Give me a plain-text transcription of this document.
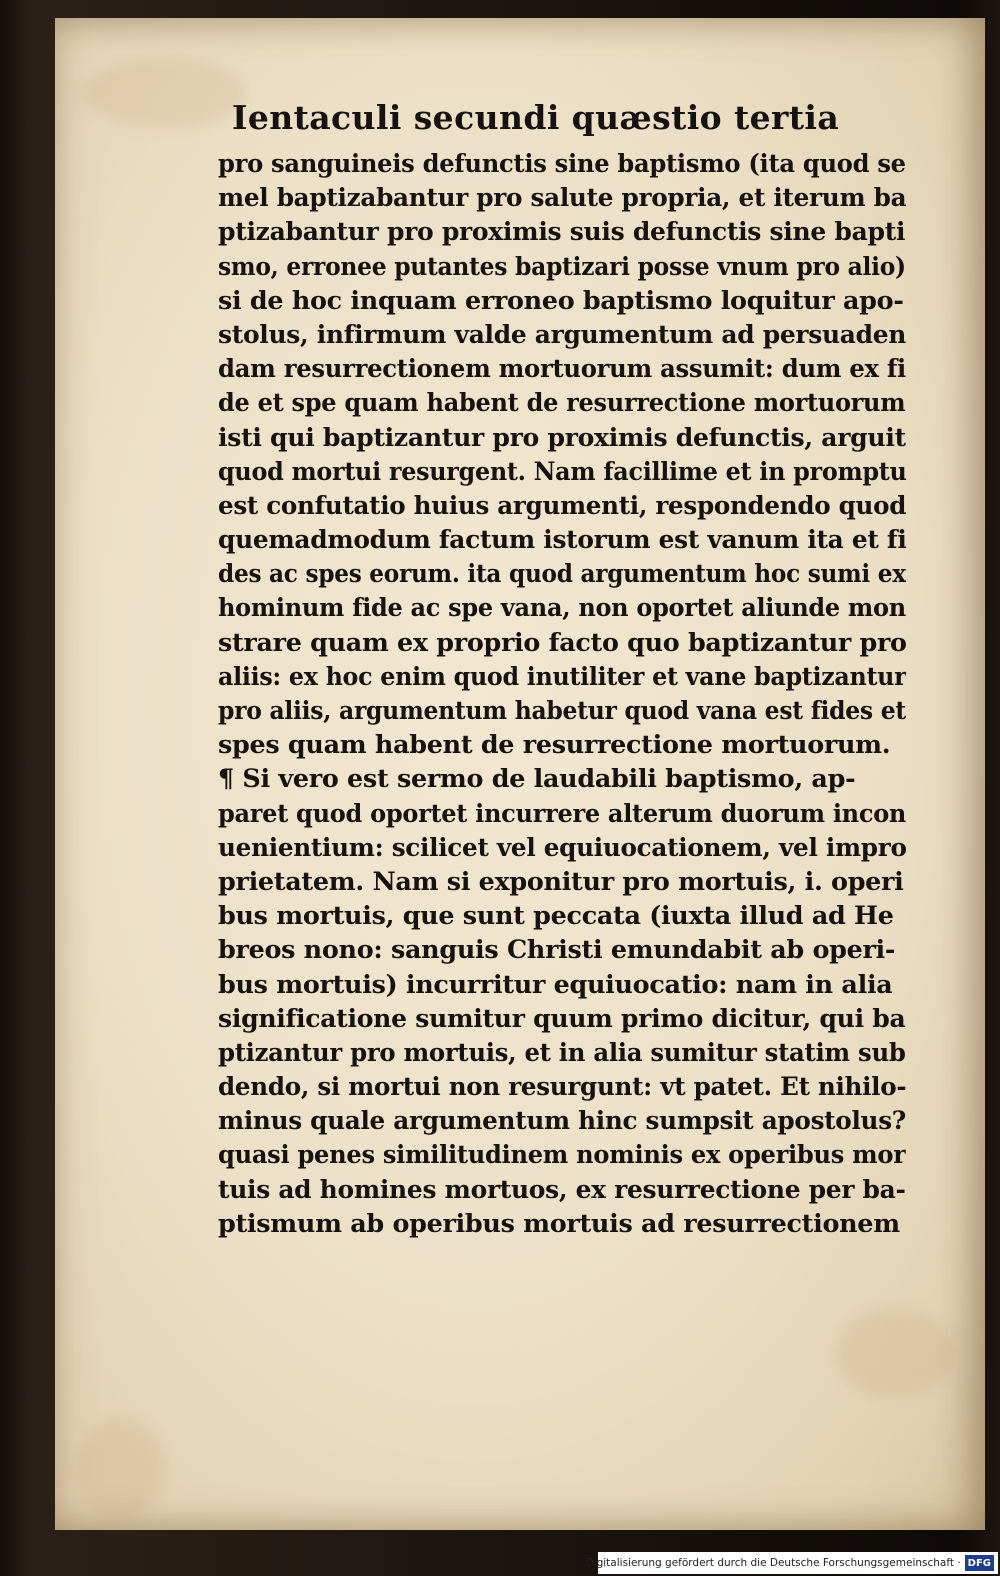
Ientaculi secundi quæstio tertia
pro sanguineis defunctis sine baptismo (ita quod se
mel baptizabantur pro salute propria, et iterum ba
ptizabantur pro proximis suis defunctis sine bapti
smo, erronee putantes baptizari posse vnum pro alio)
si de hoc inquam erroneo baptismo loquitur apo-
stolus, infirmum valde argumentum ad persuaden
dam resurrectionem mortuorum assumit: dum ex fi
de et spe quam habent de resurrectione mortuorum
isti qui baptizantur pro proximis defunctis, arguit
quod mortui resurgent. Nam facillime et in promptu
est confutatio huius argumenti, respondendo quod
quemadmodum factum istorum est vanum ita et fi
des ac spes eorum. ita quod argumentum hoc sumi ex
hominum fide ac spe vana, non oportet aliunde mon
strare quam ex proprio facto quo baptizantur pro
aliis: ex hoc enim quod inutiliter et vane baptizantur
pro aliis, argumentum habetur quod vana est fides et
spes quam habent de resurrectione mortuorum.
¶ Si vero est sermo de laudabili baptismo, ap-
paret quod oportet incurrere alterum duorum incon
uenientium: scilicet vel equiuocationem, vel impro
prietatem. Nam si exponitur pro mortuis, i. operi
bus mortuis, que sunt peccata (iuxta illud ad He
breos nono: sanguis Christi emundabit ab operi-
bus mortuis) incurritur equiuocatio: nam in alia
significatione sumitur quum primo dicitur, qui ba
ptizantur pro mortuis, et in alia sumitur statim sub
dendo, si mortui non resurgunt: vt patet. Et nihilo-
minus quale argumentum hinc sumpsit apostolus?
quasi penes similitudinem nominis ex operibus mor
tuis ad homines mortuos, ex resurrectione per ba-
ptismum ab operibus mortuis ad resurrectionem
Digitalisierung gefördert durch die Deutsche Forschungsgemeinschaft · DFG
